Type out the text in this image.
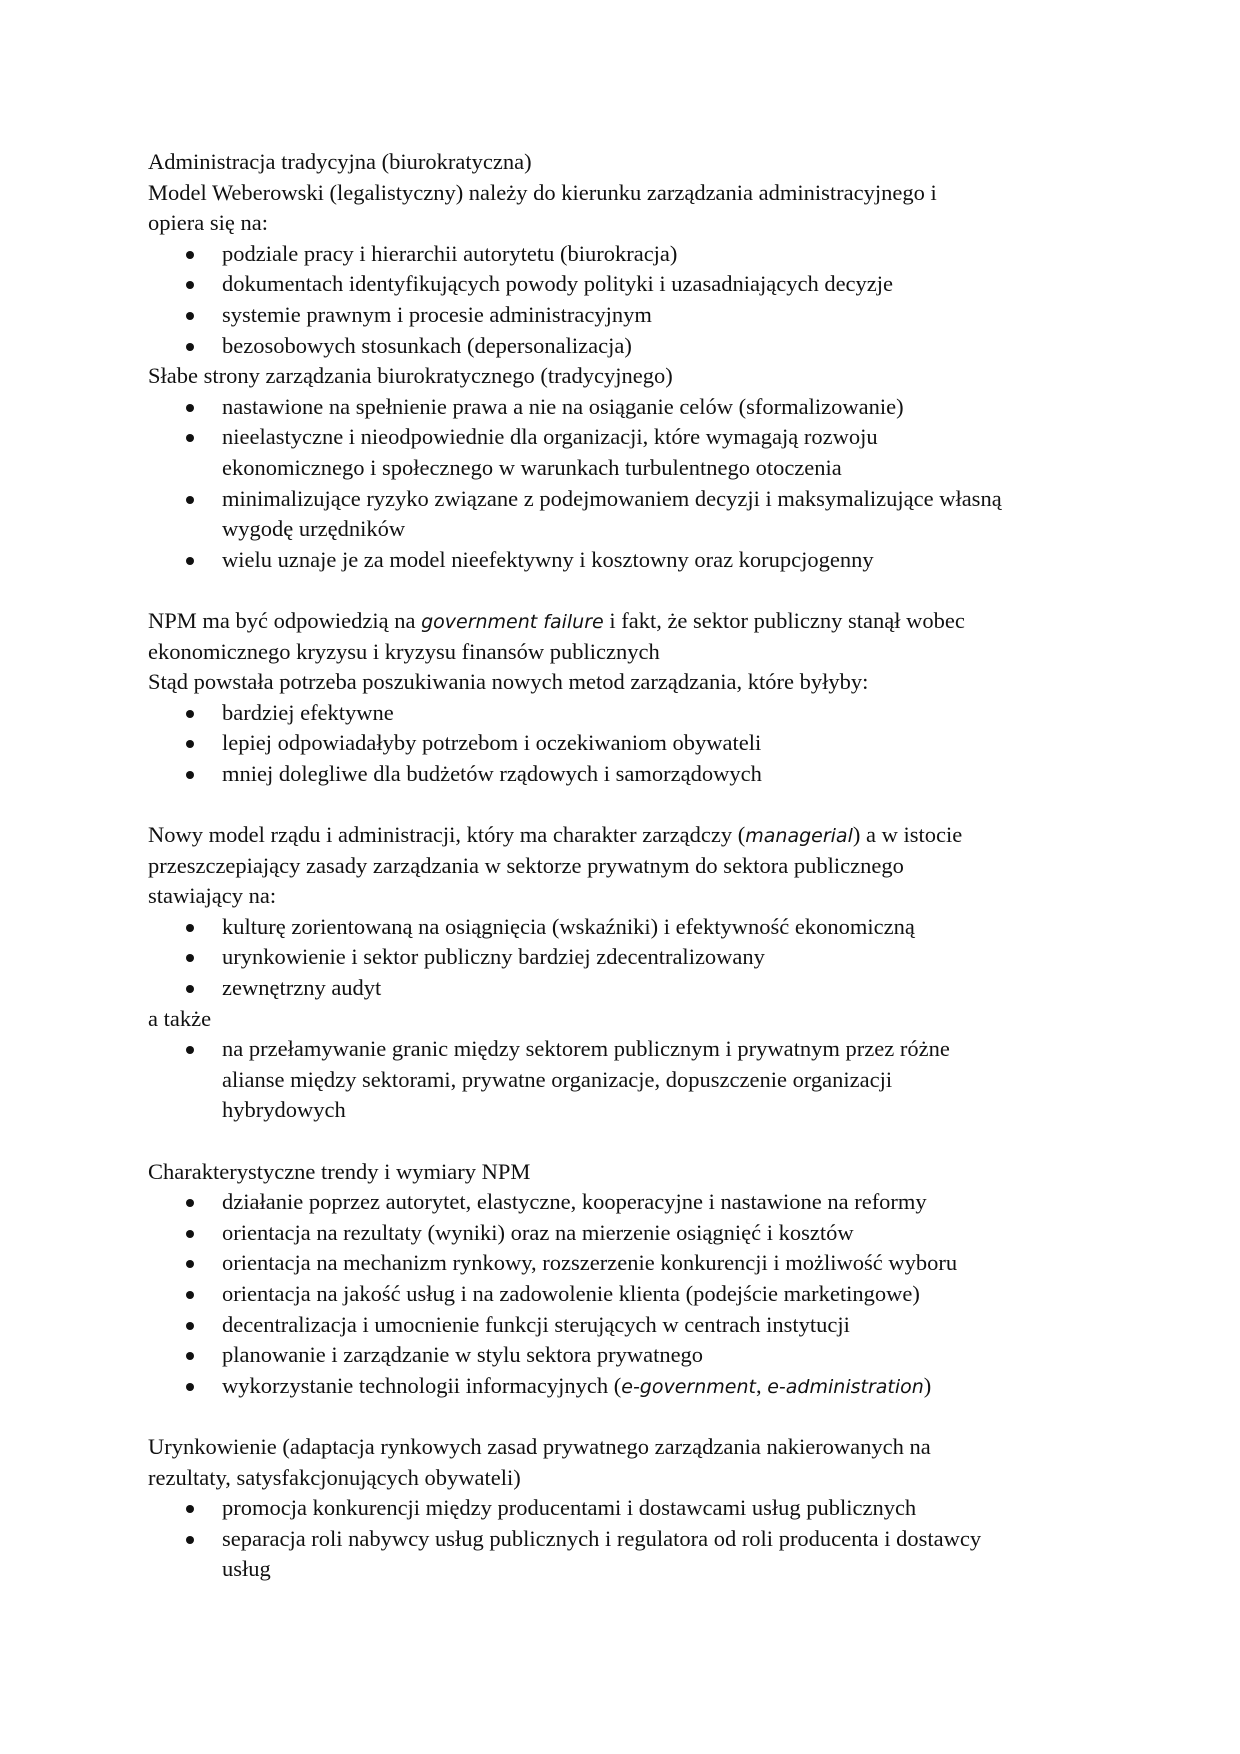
Administracja tradycyjna (biurokratyczna)
Model Weberowski (legalistyczny) należy do kierunku zarządzania administracyjnego i
opiera się na:
podziale pracy i hierarchii autorytetu (biurokracja)
dokumentach identyfikujących powody polityki i uzasadniających decyzje
systemie prawnym i procesie administracyjnym
bezosobowych stosunkach (depersonalizacja)
Słabe strony zarządzania biurokratycznego (tradycyjnego)
nastawione na spełnienie prawa a nie na osiąganie celów (sformalizowanie)
nieelastyczne i nieodpowiednie dla organizacji, które wymagają rozwoju
ekonomicznego i społecznego w warunkach turbulentnego otoczenia
minimalizujące ryzyko związane z podejmowaniem decyzji i maksymalizujące własną
wygodę urzędników
wielu uznaje je za model nieefektywny i kosztowny oraz korupcjogenny
NPM ma być odpowiedzią na government failure i fakt, że sektor publiczny stanął wobec
ekonomicznego kryzysu i kryzysu finansów publicznych
Stąd powstała potrzeba poszukiwania nowych metod zarządzania, które byłyby:
bardziej efektywne
lepiej odpowiadałyby potrzebom i oczekiwaniom obywateli
mniej dolegliwe dla budżetów rządowych i samorządowych
Nowy model rządu i administracji, który ma charakter zarządczy (managerial) a w istocie
przeszczepiający zasady zarządzania w sektorze prywatnym do sektora publicznego
stawiający na:
kulturę zorientowaną na osiągnięcia (wskaźniki) i efektywność ekonomiczną
urynkowienie i sektor publiczny bardziej zdecentralizowany
zewnętrzny audyt
a także
na przełamywanie granic między sektorem publicznym i prywatnym przez różne
alianse między sektorami, prywatne organizacje, dopuszczenie organizacji
hybrydowych
Charakterystyczne trendy i wymiary NPM
działanie poprzez autorytet, elastyczne, kooperacyjne i nastawione na reformy
orientacja na rezultaty (wyniki) oraz na mierzenie osiągnięć i kosztów
orientacja na mechanizm rynkowy, rozszerzenie konkurencji i możliwość wyboru
orientacja na jakość usług i na zadowolenie klienta (podejście marketingowe)
decentralizacja i umocnienie funkcji sterujących w centrach instytucji
planowanie i zarządzanie w stylu sektora prywatnego
wykorzystanie technologii informacyjnych (e-government, e-administration)
Urynkowienie (adaptacja rynkowych zasad prywatnego zarządzania nakierowanych na
rezultaty, satysfakcjonujących obywateli)
promocja konkurencji między producentami i dostawcami usług publicznych
separacja roli nabywcy usług publicznych i regulatora od roli producenta i dostawcy
usług
